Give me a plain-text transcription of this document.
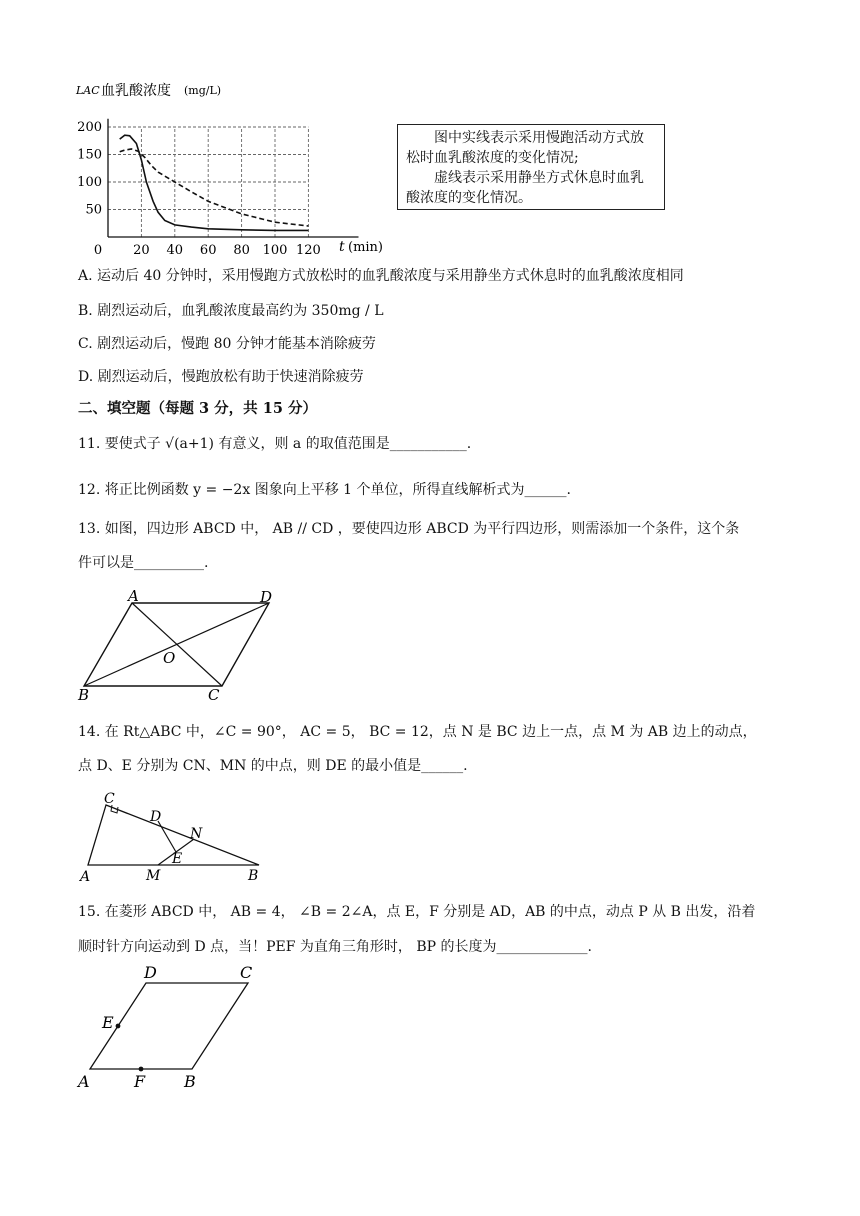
20 40 60 80 100 120
50
100
150
200
0
LAC 血乳酸浓度 (mg/L)
t (min)
图中实线表示采用慢跑活动方式放松时血乳酸浓度的变化情况;
虚线表示采用静坐方式休息时血乳酸浓度的变化情况。
A. 运动后 40 分钟时，采用慢跑方式放松时的血乳酸浓度与采用静坐方式休息时的血乳酸浓度相同
B. 剧烈运动后，血乳酸浓度最高约为 350mg / L
C. 剧烈运动后，慢跑 80 分钟才能基本消除疲劳
D. 剧烈运动后，慢跑放松有助于快速消除疲劳
二、填空题（每题 3 分，共 15 分）
11. 要使式子 √(a+1) 有意义，则 a 的取值范围是___________.
12. 将正比例函数 y = −2x 图象向上平移 1 个单位，所得直线解析式为______.
13. 如图，四边形 ABCD 中， AB // CD ，要使四边形 ABCD 为平行四边形，则需添加一个条件，这个条
件可以是__________.
A	D
B	C
O
14. 在 Rt△ABC 中，∠C = 90°， AC = 5， BC = 12，点 N 是 BC 边上一点，点 M 为 AB 边上的动点，
点 D、E 分别为 CN、MN 的中点，则 DE 的最小值是______.
C
D
N
E
M
A	B
15. 在菱形 ABCD 中， AB = 4， ∠B = 2∠A，点 E，F 分别是 AD，AB 的中点，动点 P 从 B 出发，沿着
顺时针方向运动到 D 点，当！PEF 为直角三角形时， BP 的长度为_____________.
D	C
E
A	F B
